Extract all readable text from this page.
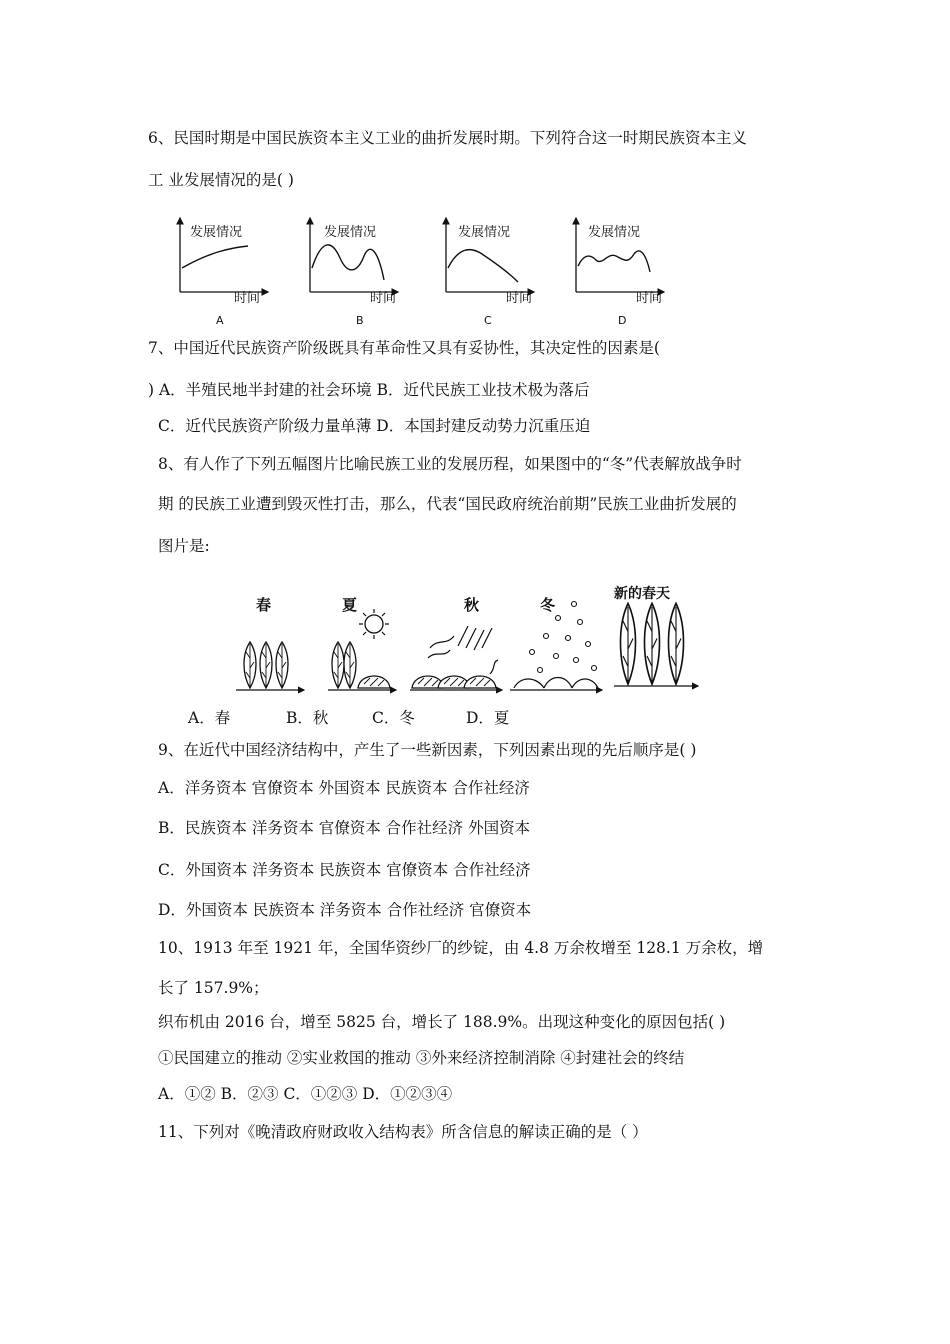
6、民国时期是中国民族资本主义工业的曲折发展时期。下列符合这一时期民族资本主义
工 业发展情况的是( )
发展情况
时间
A
发展情况
时间
B
发展情况
时间
C
发展情况
时间
D
7、中国近代民族资产阶级既具有革命性又具有妥协性，其决定性的因素是(
) A．半殖民地半封建的社会环境 B．近代民族工业技术极为落后
C．近代民族资产阶级力量单薄 D．本国封建反动势力沉重压迫
8、有人作了下列五幅图片比喻民族工业的发展历程，如果图中的“冬”代表解放战争时
期 的民族工业遭到毁灭性打击，那么，代表“国民政府统治前期”民族工业曲折发展的
图片是:
春	夏	秋	冬
新的春天
A．春	B．秋	C．冬	D．夏
9、在近代中国经济结构中，产生了一些新因素，下列因素出现的先后顺序是( )
A．洋务资本 官僚资本 外国资本 民族资本 合作社经济
B．民族资本 洋务资本 官僚资本 合作社经济 外国资本
C．外国资本 洋务资本 民族资本 官僚资本 合作社经济
D．外国资本 民族资本 洋务资本 合作社经济 官僚资本
10、1913 年至 1921 年，全国华资纱厂的纱锭，由 4.8 万余枚增至 128.1 万余枚，增
长了 157.9%；
织布机由 2016 台，增至 5825 台，增长了 188.9%。出现这种变化的原因包括( )
①民国建立的推动 ②实业救国的推动 ③外来经济控制消除 ④封建社会的终结
A．①② B．②③ C．①②③ D．①②③④
11、下列对《晚清政府财政收入结构表》所含信息的解读正确的是（ ）
